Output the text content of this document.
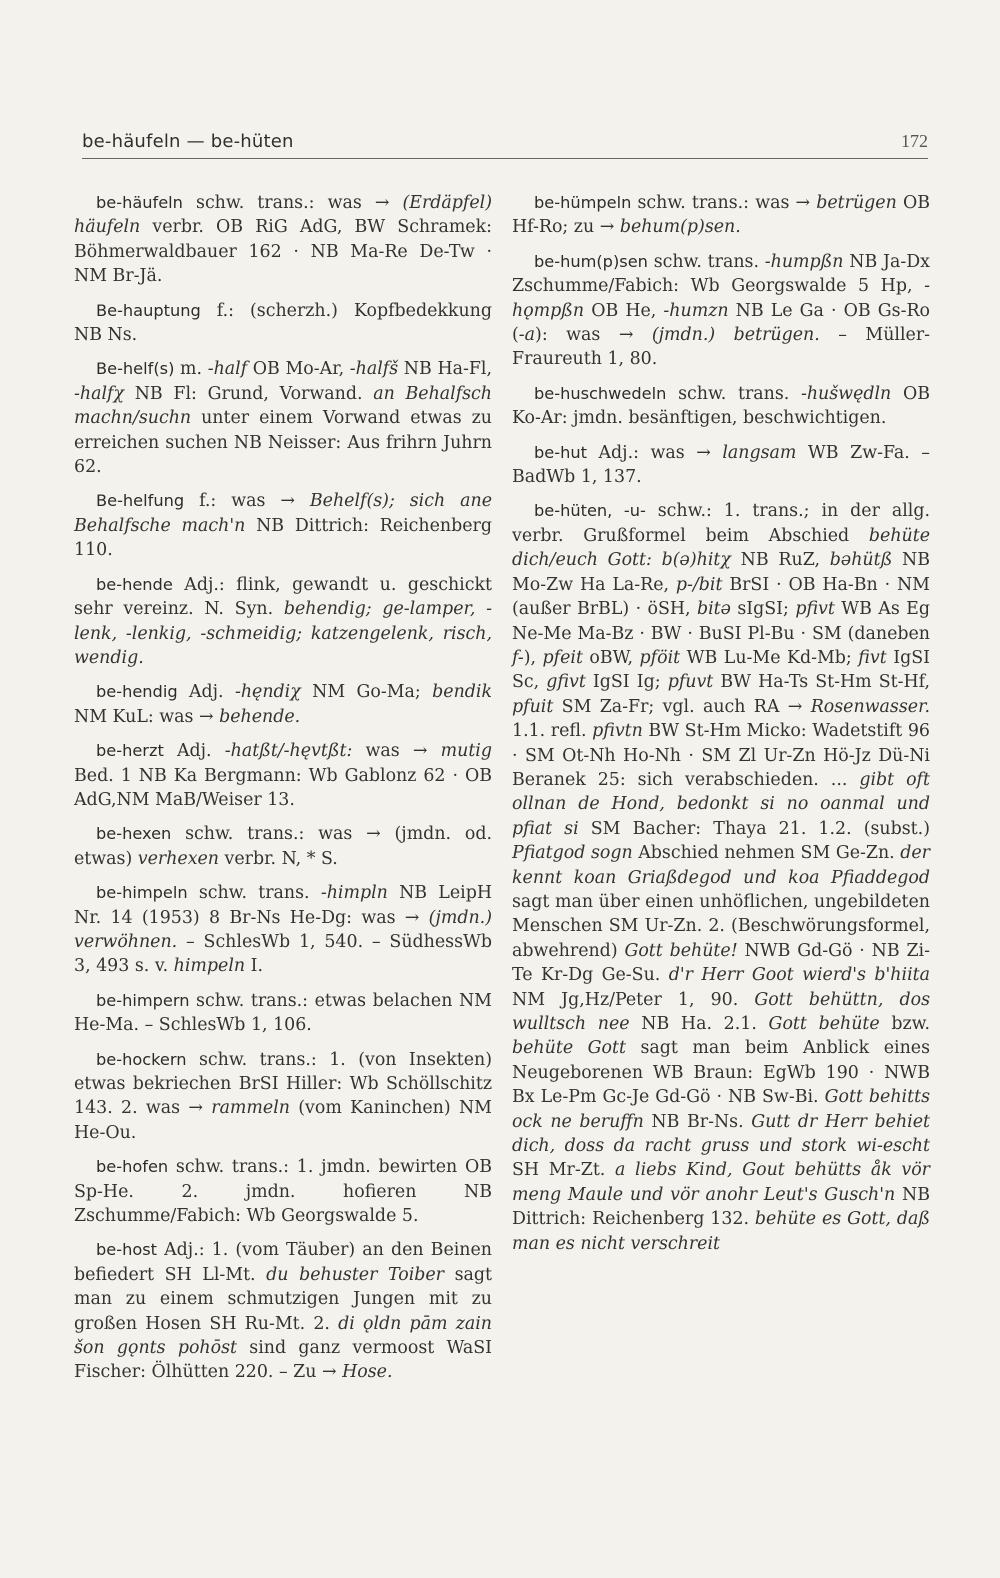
be-häufeln — be-hüten	172

be-häufeln schw. trans.: was → (Erdäpfel) häufeln verbr. OB RiG AdG, BW Schramek: Böhmerwaldbauer 162 · NB Ma-Re De-Tw · NM Br-Jä.

Be-hauptung f.: (scherzh.) Kopfbedekkung NB Ns.

Be-helf(s) m. -half OB Mo-Ar, -halfš NB Ha-Fl, -halfχ NB Fl: Grund, Vorwand. an Behalfsch machn/suchn unter einem Vorwand etwas zu erreichen suchen NB Neisser: Aus frihrn Juhrn 62.

Be-helfung f.: was → Behelf(s); sich ane Behalfsche mach'n NB Dittrich: Reichenberg 110.

be-hende Adj.: flink, gewandt u. geschickt sehr vereinz. N. Syn. behendig; ge-lamper, -lenk, -lenkig, -schmeidig; katzengelenk, risch, wendig.

be-hendig Adj. -hęndiχ NM Go-Ma; bendik NM KuL: was → behende.

be-herzt Adj. -hatßt/-hęvtßt: was → mutig Bed. 1 NB Ka Bergmann: Wb Gablonz 62 · OB AdG,NM MaB/Weiser 13.

be-hexen schw. trans.: was → (jmdn. od. etwas) verhexen verbr. N, * S.

be-himpeln schw. trans. -himpln NB LeipH Nr. 14 (1953) 8 Br-Ns He-Dg: was → (jmdn.) verwöhnen. – SchlesWb 1, 540. – SüdhessWb 3, 493 s. v. himpeln I.

be-himpern schw. trans.: etwas belachen NM He-Ma. – SchlesWb 1, 106.

be-hockern schw. trans.: 1. (von Insekten) etwas bekriechen BrSI Hiller: Wb Schöllschitz 143. 2. was → rammeln (vom Kaninchen) NM He-Ou.

be-hofen schw. trans.: 1. jmdn. bewirten OB Sp-He. 2. jmdn. hofieren NB Zschumme/Fabich: Wb Georgswalde 5.

be-host Adj.: 1. (vom Täuber) an den Beinen befiedert SH Ll-Mt. du behuster Toiber sagt man zu einem schmutzigen Jungen mit zu großen Hosen SH Ru-Mt. 2. di ǫldn pām zain šon gǫnts pohōst sind ganz vermoost WaSI Fischer: Ölhütten 220. – Zu → Hose.

be-hümpeln schw. trans.: was → betrügen OB Hf-Ro; zu → behum(p)sen.

be-hum(p)sen schw. trans. -humpßn NB Ja-Dx Zschumme/Fabich: Wb Georgswalde 5 Hp, -hǫmpßn OB He, -humzn NB Le Ga · OB Gs-Ro (-a): was → (jmdn.) betrügen. – Müller-Fraureuth 1, 80.

be-huschwedeln schw. trans. -hušwędln OB Ko-Ar: jmdn. besänftigen, beschwichtigen.

be-hut Adj.: was → langsam WB Zw-Fa. – BadWb 1, 137.

be-hüten, -u- schw.: 1. trans.; in der allg. verbr. Grußformel beim Abschied behüte dich/euch Gott: b(ə)hitχ NB RuZ, bəhütß NB Mo-Zw Ha La-Re, p-/bit BrSI · OB Ha-Bn · NM (außer BrBL) · öSH, bitə sIgSI; pfivt WB As Eg Ne-Me Ma-Bz · BW · BuSI Pl-Bu · SM (daneben f-), pfeit oBW, pföit WB Lu-Me Kd-Mb; fivt IgSI Sc, gfivt IgSI Ig; pfuvt BW Ha-Ts St-Hm St-Hf, pfuit SM Za-Fr; vgl. auch RA → Rosenwasser. 1.1. refl. pfivtn BW St-Hm Micko: Wadetstift 96 · SM Ot-Nh Ho-Nh · SM Zl Ur-Zn Hö-Jz Dü-Ni Beranek 25: sich verabschieden. ... gibt oft ollnan de Hond, bedonkt si no oanmal und pfiat si SM Bacher: Thaya 21. 1.2. (subst.) Pfiatgod sogn Abschied nehmen SM Ge-Zn. der kennt koan Griaßdegod und koa Pfiaddegod sagt man über einen unhöflichen, ungebildeten Menschen SM Ur-Zn. 2. (Beschwörungsformel, abwehrend) Gott behüte! NWB Gd-Gö · NB Zi-Te Kr-Dg Ge-Su. d'r Herr Goot wierd's b'hiita NM Jg,Hz/Peter 1, 90. Gott behüttn, dos wulltsch nee NB Ha. 2.1. Gott behüte bzw. behüte Gott sagt man beim Anblick eines Neugeborenen WB Braun: EgWb 190 · NWB Bx Le-Pm Gc-Je Gd-Gö · NB Sw-Bi. Gott behitts ock ne beruffn NB Br-Ns. Gutt dr Herr behiet dich, doss da racht gruss und stork wi-escht SH Mr-Zt. a liebs Kind, Gout behütts åk vör meng Maule und vör anohr Leut's Gusch'n NB Dittrich: Reichenberg 132. behüte es Gott, daß man es nicht verschreit
